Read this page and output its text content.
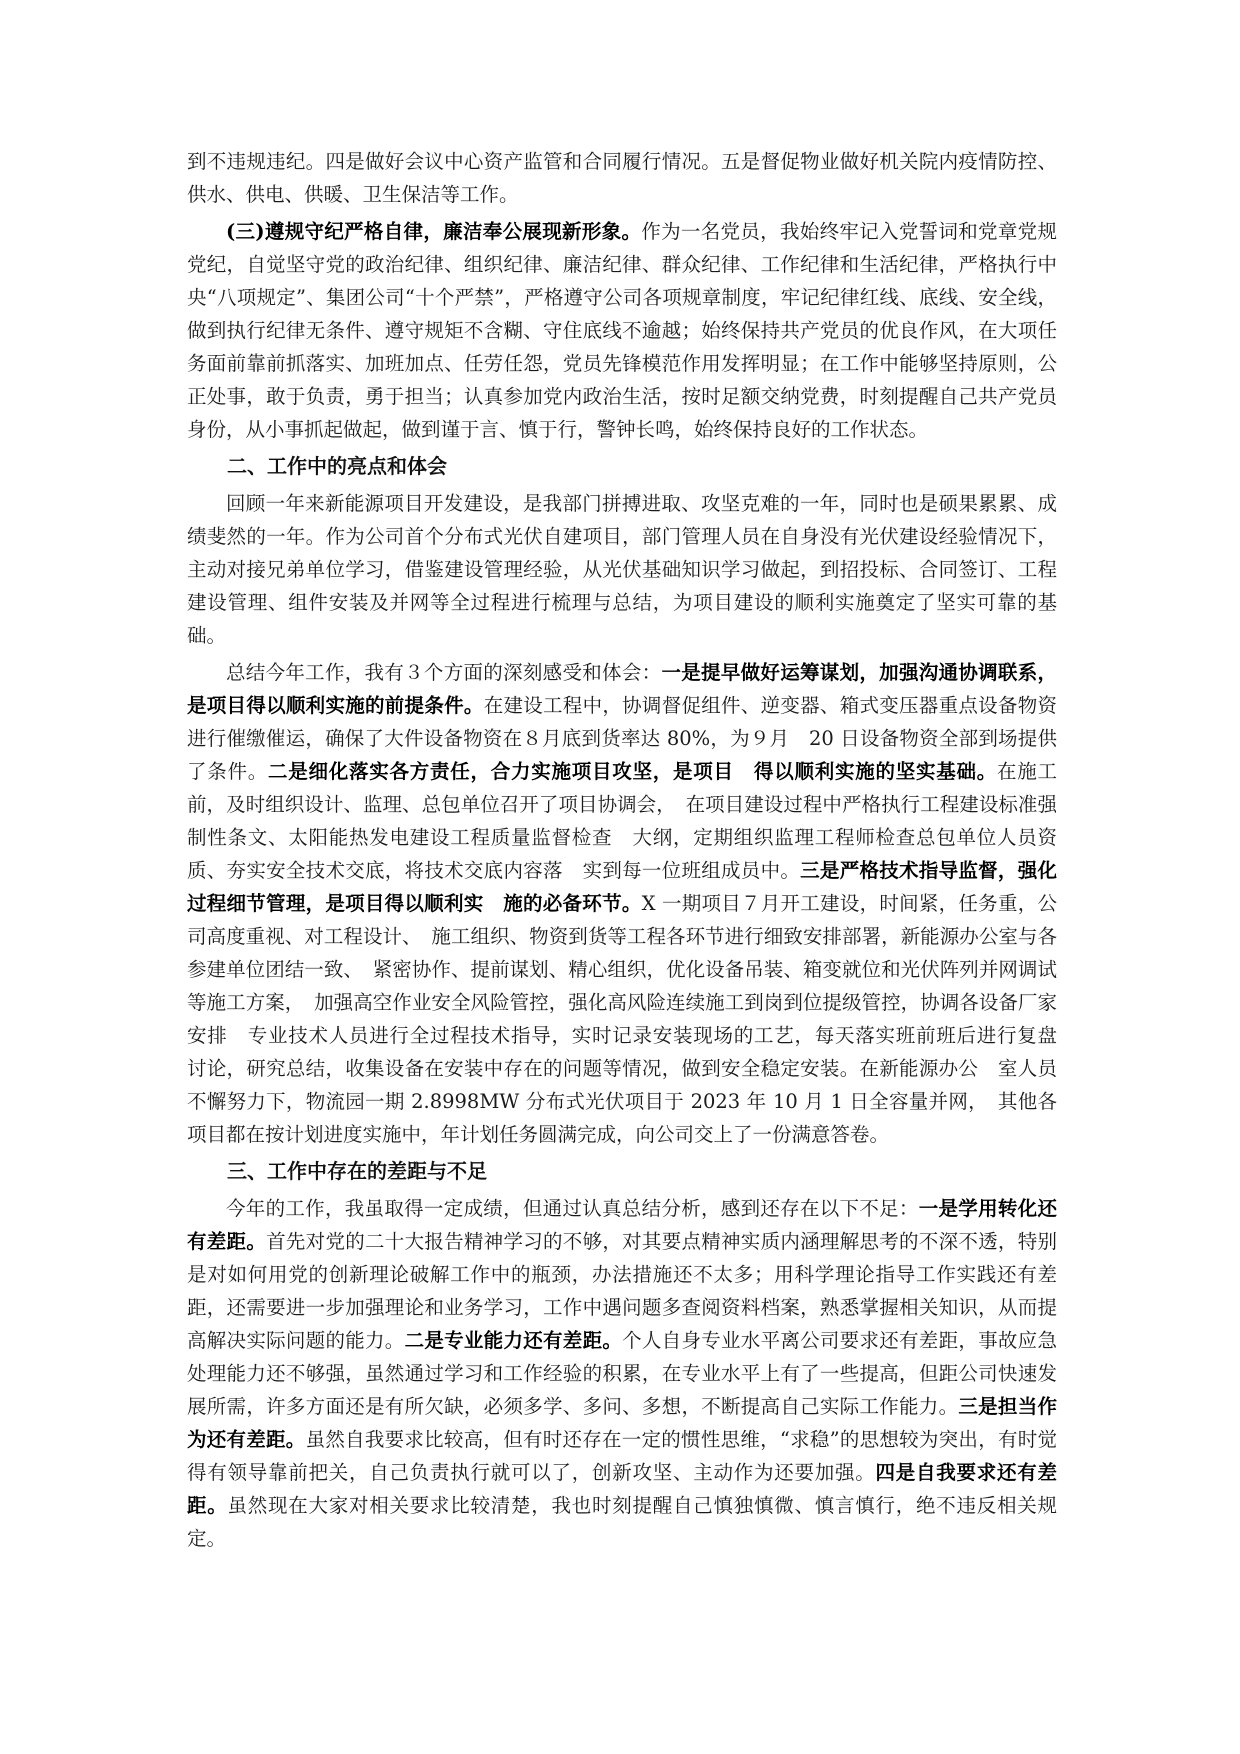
到不违规违纪。四是做好会议中心资产监管和合同履行情况。五是督促物业做好机关院内疫情防控、供水、供电、供暖、卫生保洁等工作。

(三)遵规守纪严格自律，廉洁奉公展现新形象。作为一名党员，我始终牢记入党誓词和党章党规党纪，自觉坚守党的政治纪律、组织纪律、廉洁纪律、群众纪律、工作纪律和生活纪律，严格执行中央“八项规定”、集团公司“十个严禁”，严格遵守公司各项规章制度，牢记纪律红线、底线、安全线，做到执行纪律无条件、遵守规矩不含糊、守住底线不逾越；始终保持共产党员的优良作风，在大项任务面前靠前抓落实、加班加点、任劳任怨，党员先锋模范作用发挥明显；在工作中能够坚持原则，公正处事，敢于负责，勇于担当；认真参加党内政治生活，按时足额交纳党费，时刻提醒自己共产党员身份，从小事抓起做起，做到谨于言、慎于行，警钟长鸣，始终保持良好的工作状态。

二、工作中的亮点和体会

回顾一年来新能源项目开发建设，是我部门拼搏进取、攻坚克难的一年，同时也是硕果累累、成绩斐然的一年。作为公司首个分布式光伏自建项目，部门管理人员在自身没有光伏建设经验情况下，主动对接兄弟单位学习，借鉴建设管理经验，从光伏基础知识学习做起，到招投标、合同签订、工程建设管理、组件安装及并网等全过程进行梳理与总结，为项目建设的顺利实施奠定了坚实可靠的基础。

总结今年工作，我有３个方面的深刻感受和体会：一是提早做好运筹谋划，加强沟通协调联系，是项目得以顺利实施的前提条件。在建设工程中，协调督促组件、逆变器、箱式变压器重点设备物资进行催缴催运，确保了大件设备物资在８月底到货率达 80%，为９月　20 日设备物资全部到场提供了条件。二是细化落实各方责任，合力实施项目攻坚，是项目　得以顺利实施的坚实基础。在施工前，及时组织设计、监理、总包单位召开了项目协调会，　在项目建设过程中严格执行工程建设标准强制性条文、太阳能热发电建设工程质量监督检查　大纲，定期组织监理工程师检查总包单位人员资质、夯实安全技术交底，将技术交底内容落　实到每一位班组成员中。三是严格技术指导监督，强化过程细节管理，是项目得以顺利实　施的必备环节。X 一期项目７月开工建设，时间紧，任务重，公司高度重视、对工程设计、　施工组织、物资到货等工程各环节进行细致安排部署，新能源办公室与各参建单位团结一致、　紧密协作、提前谋划、精心组织，优化设备吊装、箱变就位和光伏阵列并网调试等施工方案，　加强高空作业安全风险管控，强化高风险连续施工到岗到位提级管控，协调各设备厂家安排　专业技术人员进行全过程技术指导，实时记录安装现场的工艺，每天落实班前班后进行复盘　讨论，研究总结，收集设备在安装中存在的问题等情况，做到安全稳定安装。在新能源办公　室人员不懈努力下，物流园一期 2.8998MW 分布式光伏项目于 2023 年 10 月 1 日全容量并网，　其他各项目都在按计划进度实施中，年计划任务圆满完成，向公司交上了一份满意答卷。

三、工作中存在的差距与不足

今年的工作，我虽取得一定成绩，但通过认真总结分析，感到还存在以下不足：一是学用转化还有差距。首先对党的二十大报告精神学习的不够，对其要点精神实质内涵理解思考的不深不透，特别是对如何用党的创新理论破解工作中的瓶颈，办法措施还不太多；用科学理论指导工作实践还有差距，还需要进一步加强理论和业务学习，工作中遇问题多查阅资料档案，熟悉掌握相关知识，从而提高解决实际问题的能力。二是专业能力还有差距。个人自身专业水平离公司要求还有差距，事故应急处理能力还不够强，虽然通过学习和工作经验的积累，在专业水平上有了一些提高，但距公司快速发展所需，许多方面还是有所欠缺，必须多学、多问、多想，不断提高自己实际工作能力。三是担当作为还有差距。虽然自我要求比较高，但有时还存在一定的惯性思维，“求稳”的思想较为突出，有时觉得有领导靠前把关，自己负责执行就可以了，创新攻坚、主动作为还要加强。四是自我要求还有差距。虽然现在大家对相关要求比较清楚，我也时刻提醒自己慎独慎微、慎言慎行，绝不违反相关规定。
